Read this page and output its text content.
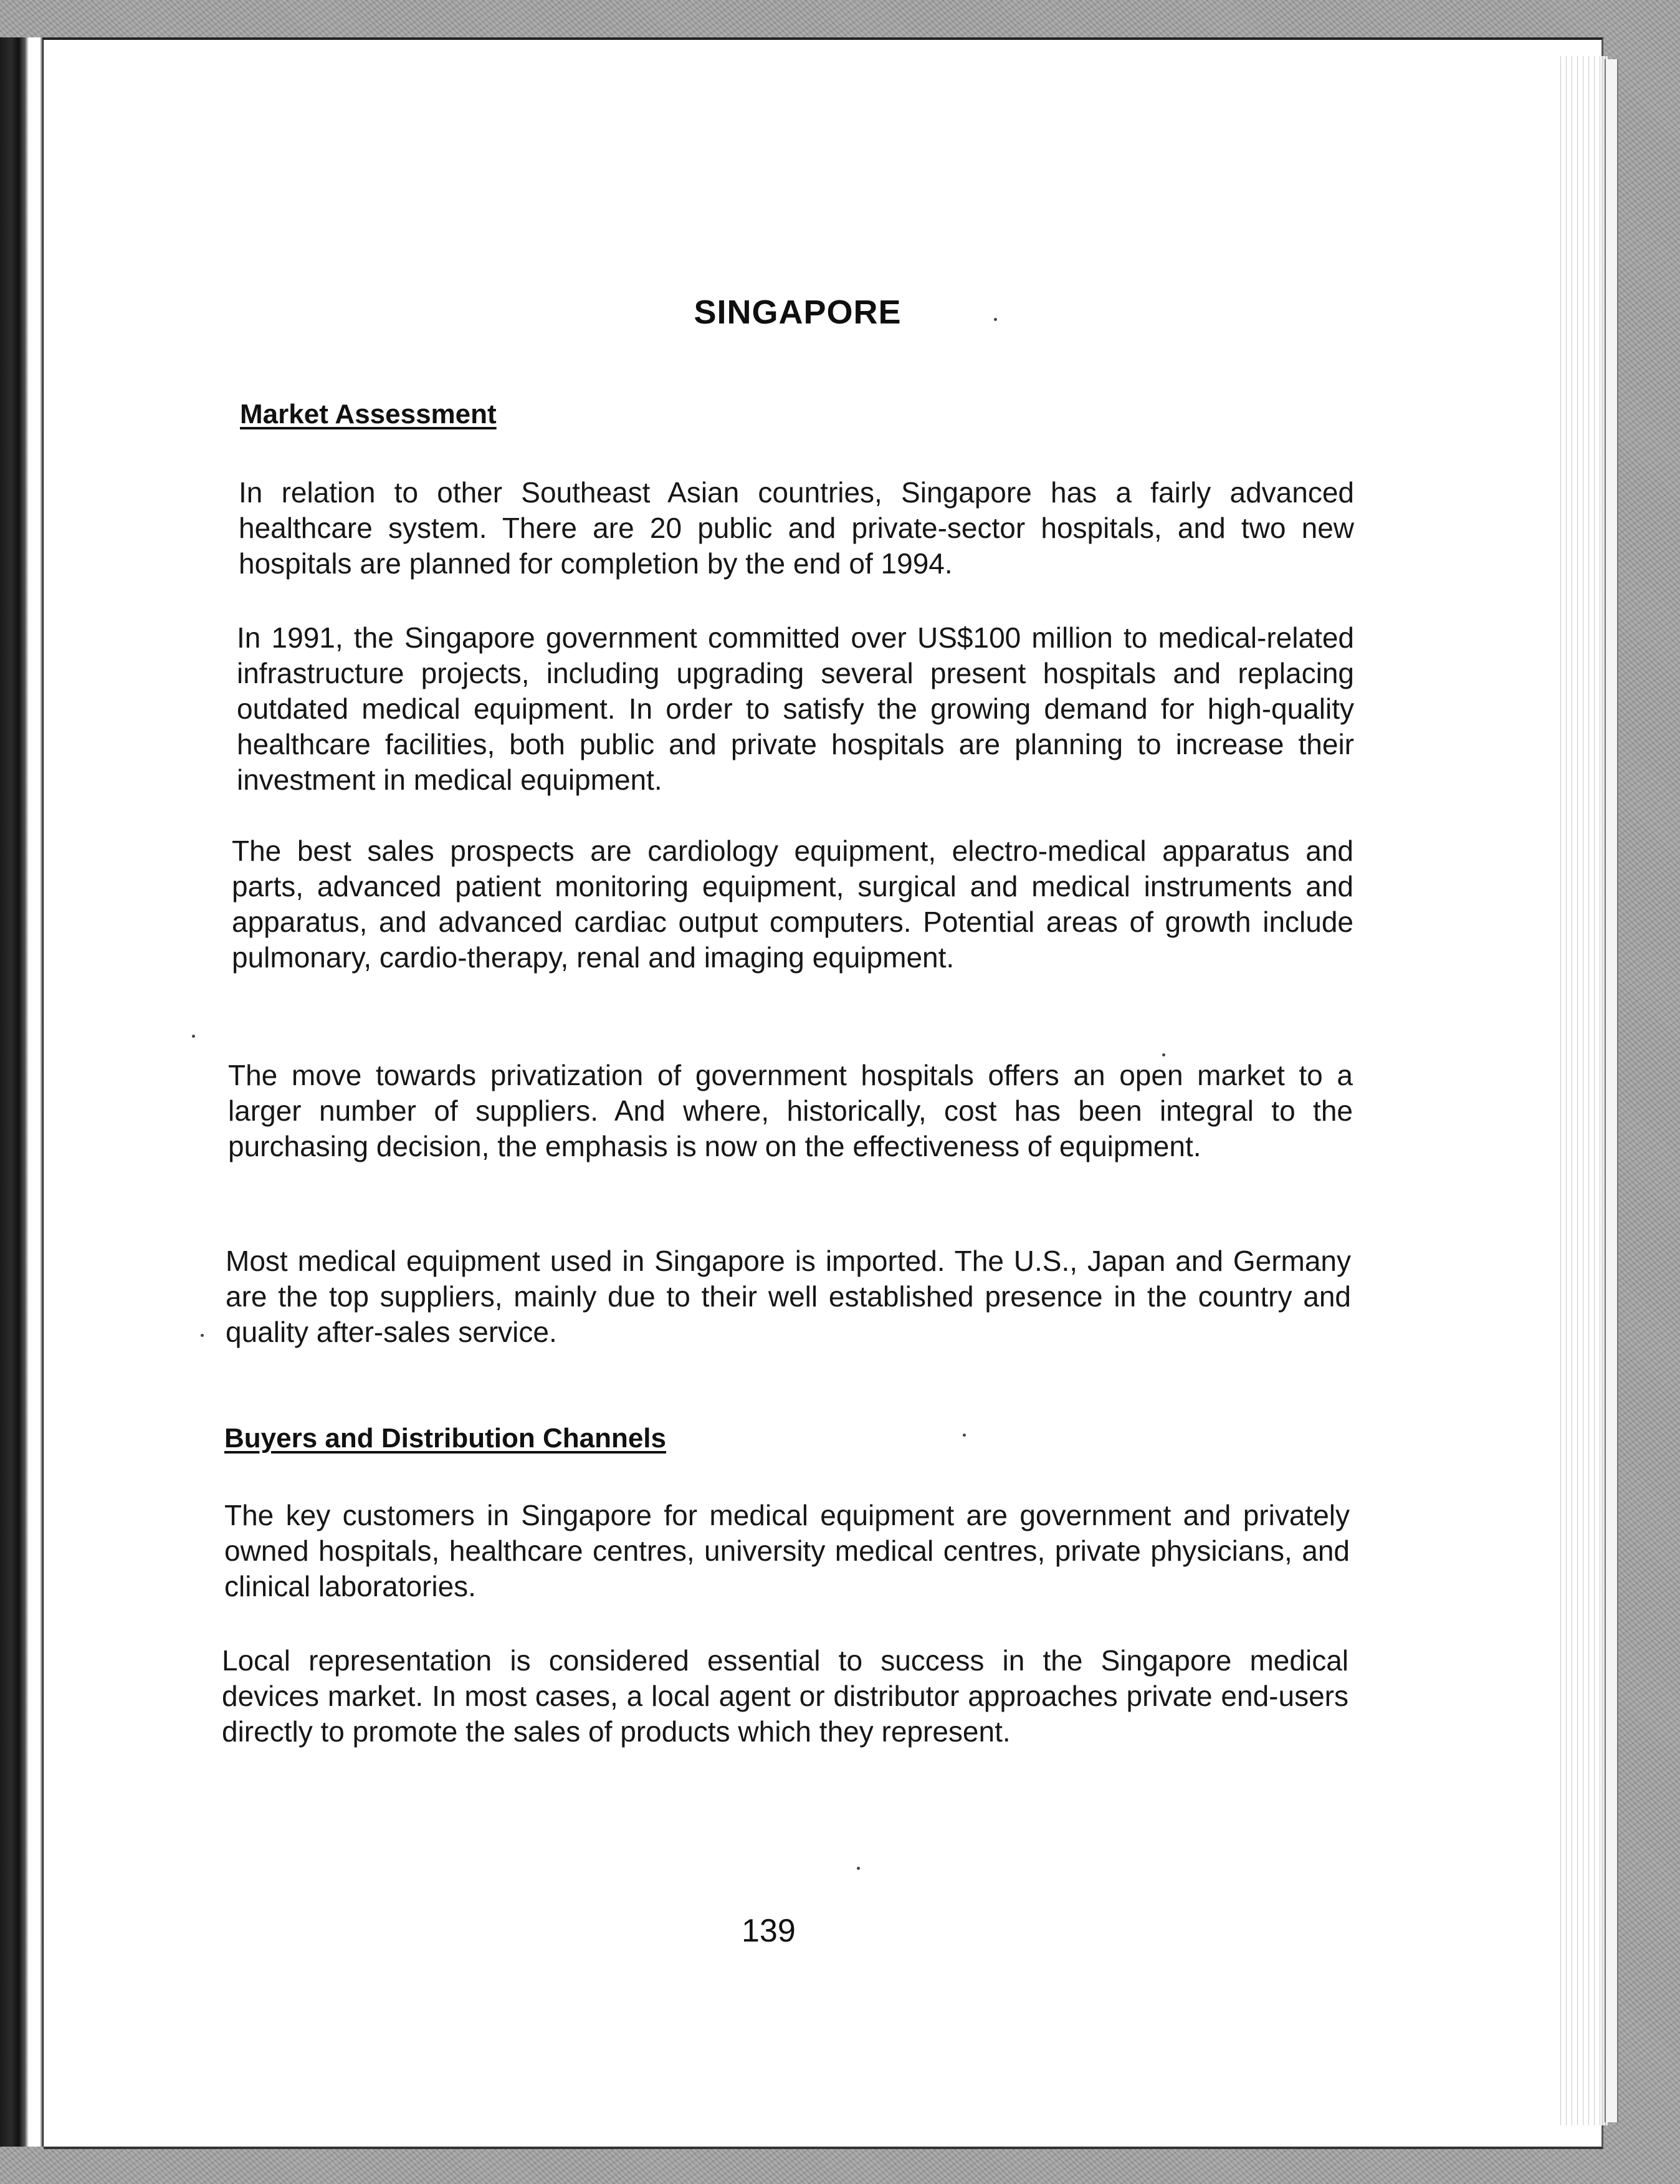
SINGAPORE
Market Assessment

In relation to other Southeast Asian countries, Singapore has a fairly advanced healthcare system. There are 20 public and private-sector hospitals, and two new hospitals are planned for completion by the end of 1994.

In 1991, the Singapore government committed over US$100 million to medical-related infrastructure projects, including upgrading several present hospitals and replacing outdated medical equipment. In order to satisfy the growing demand for high-quality healthcare facilities, both public and private hospitals are planning to increase their investment in medical equipment.

The best sales prospects are cardiology equipment, electro-medical apparatus and parts, advanced patient monitoring equipment, surgical and medical instruments and apparatus, and advanced cardiac output computers. Potential areas of growth include pulmonary, cardio-therapy, renal and imaging equipment.

The move towards privatization of government hospitals offers an open market to a larger number of suppliers. And where, historically, cost has been integral to the purchasing decision, the emphasis is now on the effectiveness of equipment.

Most medical equipment used in Singapore is imported. The U.S., Japan and Germany are the top suppliers, mainly due to their well established presence in the country and quality after-sales service.

Buyers and Distribution Channels

The key customers in Singapore for medical equipment are government and privately owned hospitals, healthcare centres, university medical centres, private physicians, and clinical laboratories.

Local representation is considered essential to success in the Singapore medical devices market. In most cases, a local agent or distributor approaches private end-users directly to promote the sales of products which they represent.

139
